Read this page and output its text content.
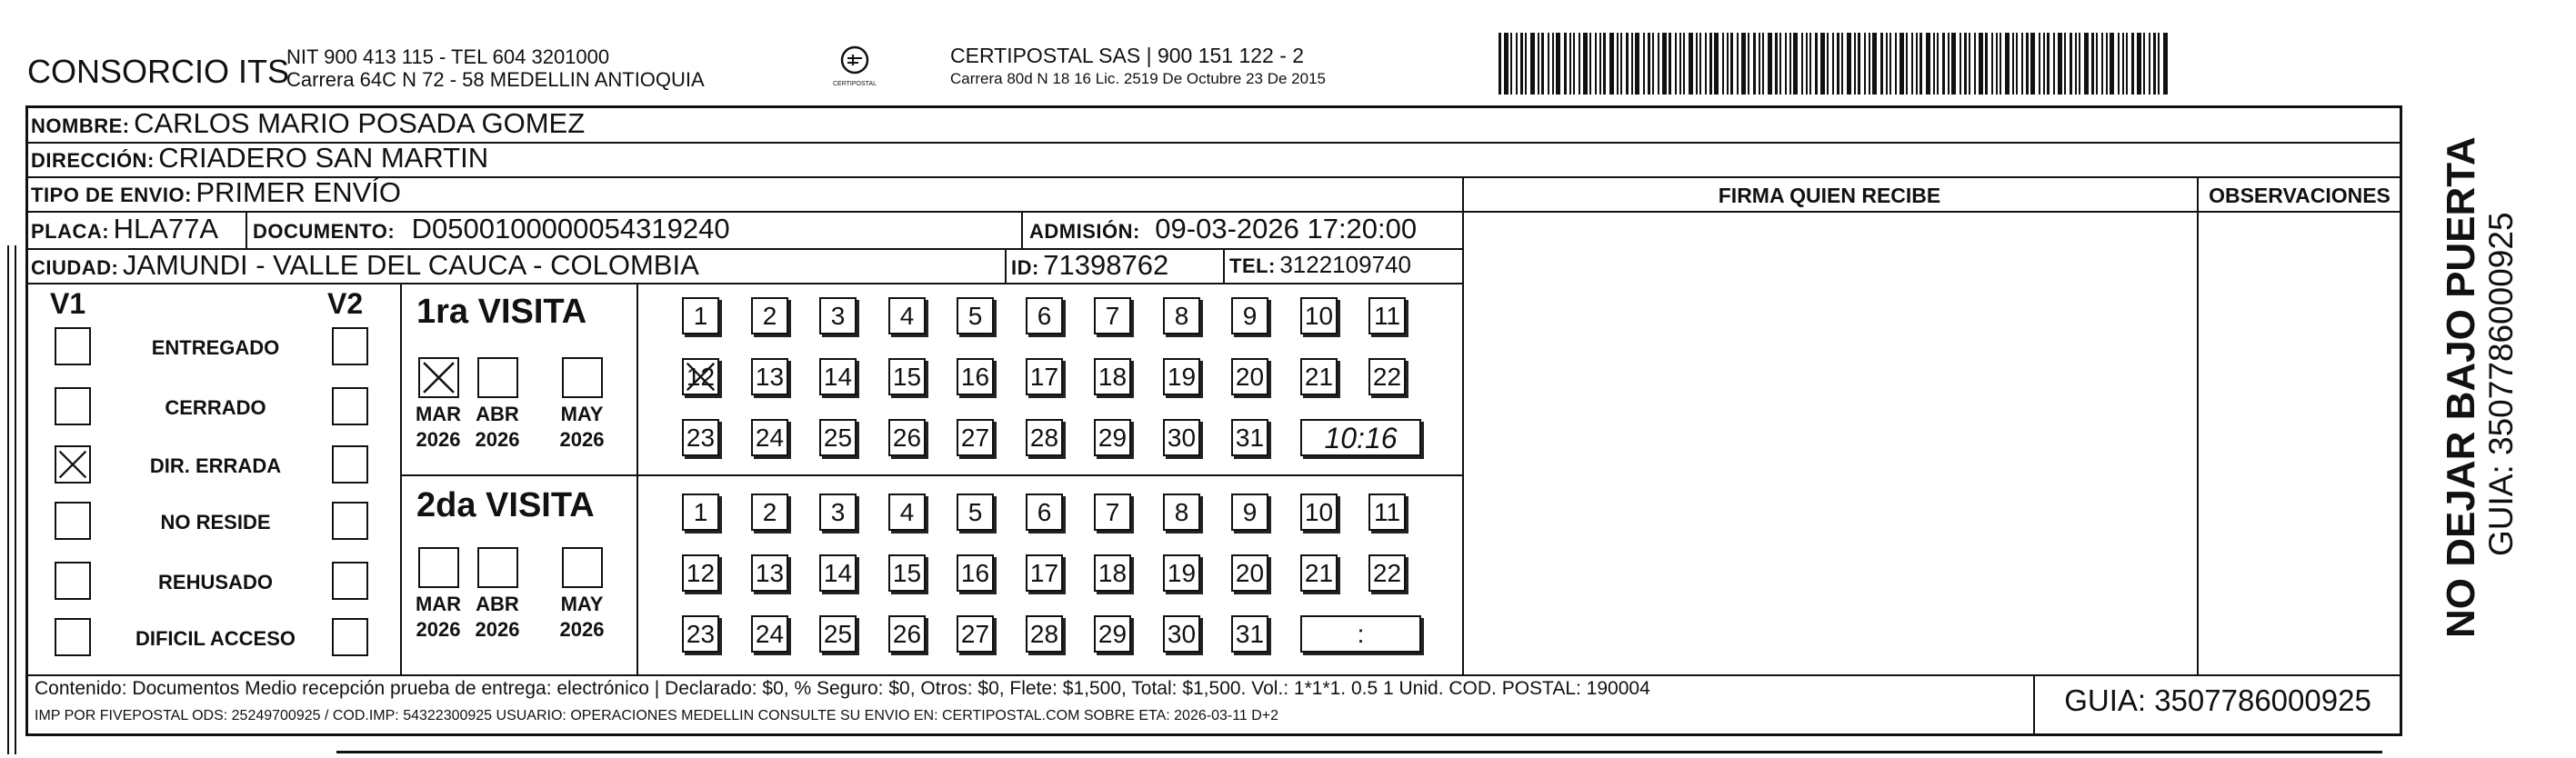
CONSORCIO ITS
NIT 900 413 115 - TEL 604 3201000
Carrera 64C N 72 - 58 MEDELLIN ANTIOQUIA	CERTIPOSTAL
CERTIPOSTAL SAS | 900 151 122 - 2
Carrera 80d N 18 16 Lic. 2519 De Octubre 23 De 2015
NOMBRE: CARLOS MARIO POSADA GOMEZ
DIRECCIÓN: CRIADERO SAN MARTIN
TIPO DE ENVIO: PRIMER ENVÍO
PLACA: HLA77A DOCUMENTO: D0500100000054319240	ADMISIÓN: 09-03-2026 17:20:00
CIUDAD: JAMUNDI - VALLE DEL CAUCA - COLOMBIA	ID: 71398762	TEL: 3122109740
FIRMA QUIEN RECIBE	OBSERVACIONES
V1	V2
ENTREGADO
CERRADO
DIR. ERRADA
NO RESIDE
REHUSADO
DIFICIL ACCESO
1ra VISITA
MAR
2026
ABR
2026
MAY
2026
1	2	3	4	5	6	7	8	9	10 11
12 13 14 15 16 17 18 19 20 21 22
23 24 25 26 27 28 29 30 31	10:16
2da VISITA
MAR
2026
ABR
2026
MAY
2026
1	2	3	4	5	6	7	8	9	10 11
12 13 14 15 16 17 18 19 20 21 22
23 24 25 26 27 28 29 30 31	:
Contenido: Documentos Medio recepción prueba de entrega: electrónico | Declarado: $0, % Seguro: $0, Otros: $0, Flete: $1,500, Total: $1,500. Vol.: 1*1*1. 0.5 1 Unid. COD. POSTAL: 190004
IMP POR FIVEPOSTAL ODS: 25249700925 / COD.IMP: 54322300925 USUARIO: OPERACIONES MEDELLIN CONSULTE SU ENVIO EN: CERTIPOSTAL.COM SOBRE ETA: 2026-03-11 D+2	GUIA: 3507786000925
NO DEJAR BAJO PUERTA GUIA: 3507786000925
